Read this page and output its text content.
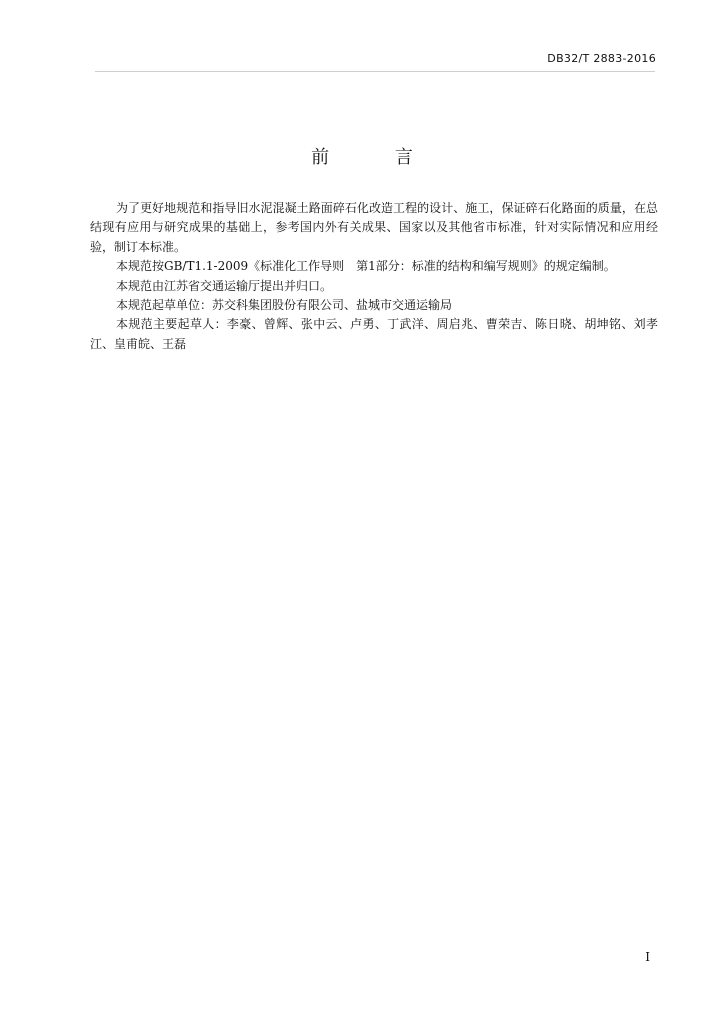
DB32/T 2883-2016
前 言

为了更好地规范和指导旧水泥混凝土路面碎石化改造工程的设计、施工，保证碎石化路面的质量，在总结现有应用与研究成果的基础上，参考国内外有关成果、国家以及其他省市标准，针对实际情况和应用经验，制订本标准。

本规范按GB/T1.1-2009《标准化工作导则　第1部分：标准的结构和编写规则》的规定编制。

本规范由江苏省交通运输厅提出并归口。

本规范起草单位：苏交科集团股份有限公司、盐城市交通运输局

本规范主要起草人：李豪、曾辉、张中云、卢勇、丁武洋、周启兆、曹荣吉、陈日晓、胡坤铭、刘孝江、皇甫皖、王磊

I
